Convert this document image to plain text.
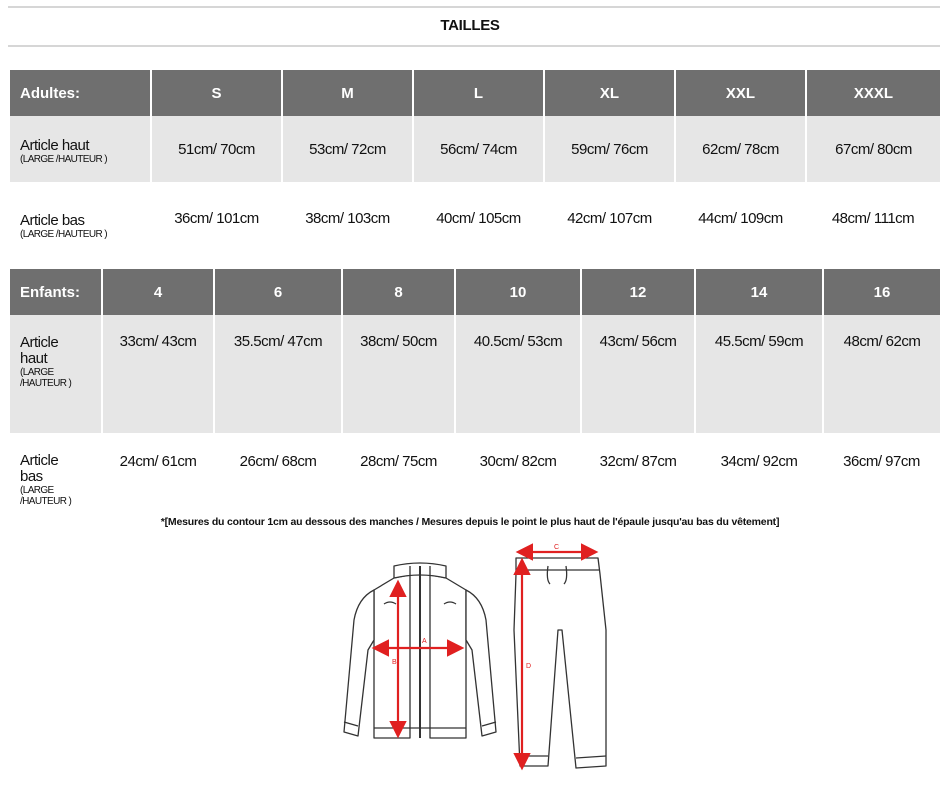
TAILLES
Adultes:	S	M	L	XL	XXL	XXXL

Article haut
(LARGE /HAUTEUR )	51cm/ 70cm	53cm/ 72cm	56cm/ 74cm	59cm/ 76cm	62cm/ 78cm	67cm/ 80cm

Article bas
(LARGE /HAUTEUR )	36cm/ 101cm	38cm/ 103cm	40cm/ 105cm	42cm/ 107cm	44cm/ 109cm	48cm/ 111cm
Enfants:	4	6	8	10	12	14	16

Article
haut
(LARGE
/HAUTEUR )	33cm/ 43cm	35.5cm/ 47cm	38cm/ 50cm	40.5cm/ 53cm	43cm/ 56cm	45.5cm/ 59cm	48cm/ 62cm

Article
bas
(LARGE
/HAUTEUR )	24cm/ 61cm	26cm/ 68cm	28cm/ 75cm	30cm/ 82cm	32cm/ 87cm	34cm/ 92cm	36cm/ 97cm
*[Mesures du contour 1cm au dessous des manches / Mesures depuis le point le plus haut de l'épaule jusqu'au bas du vêtement]
A
B
C
D
